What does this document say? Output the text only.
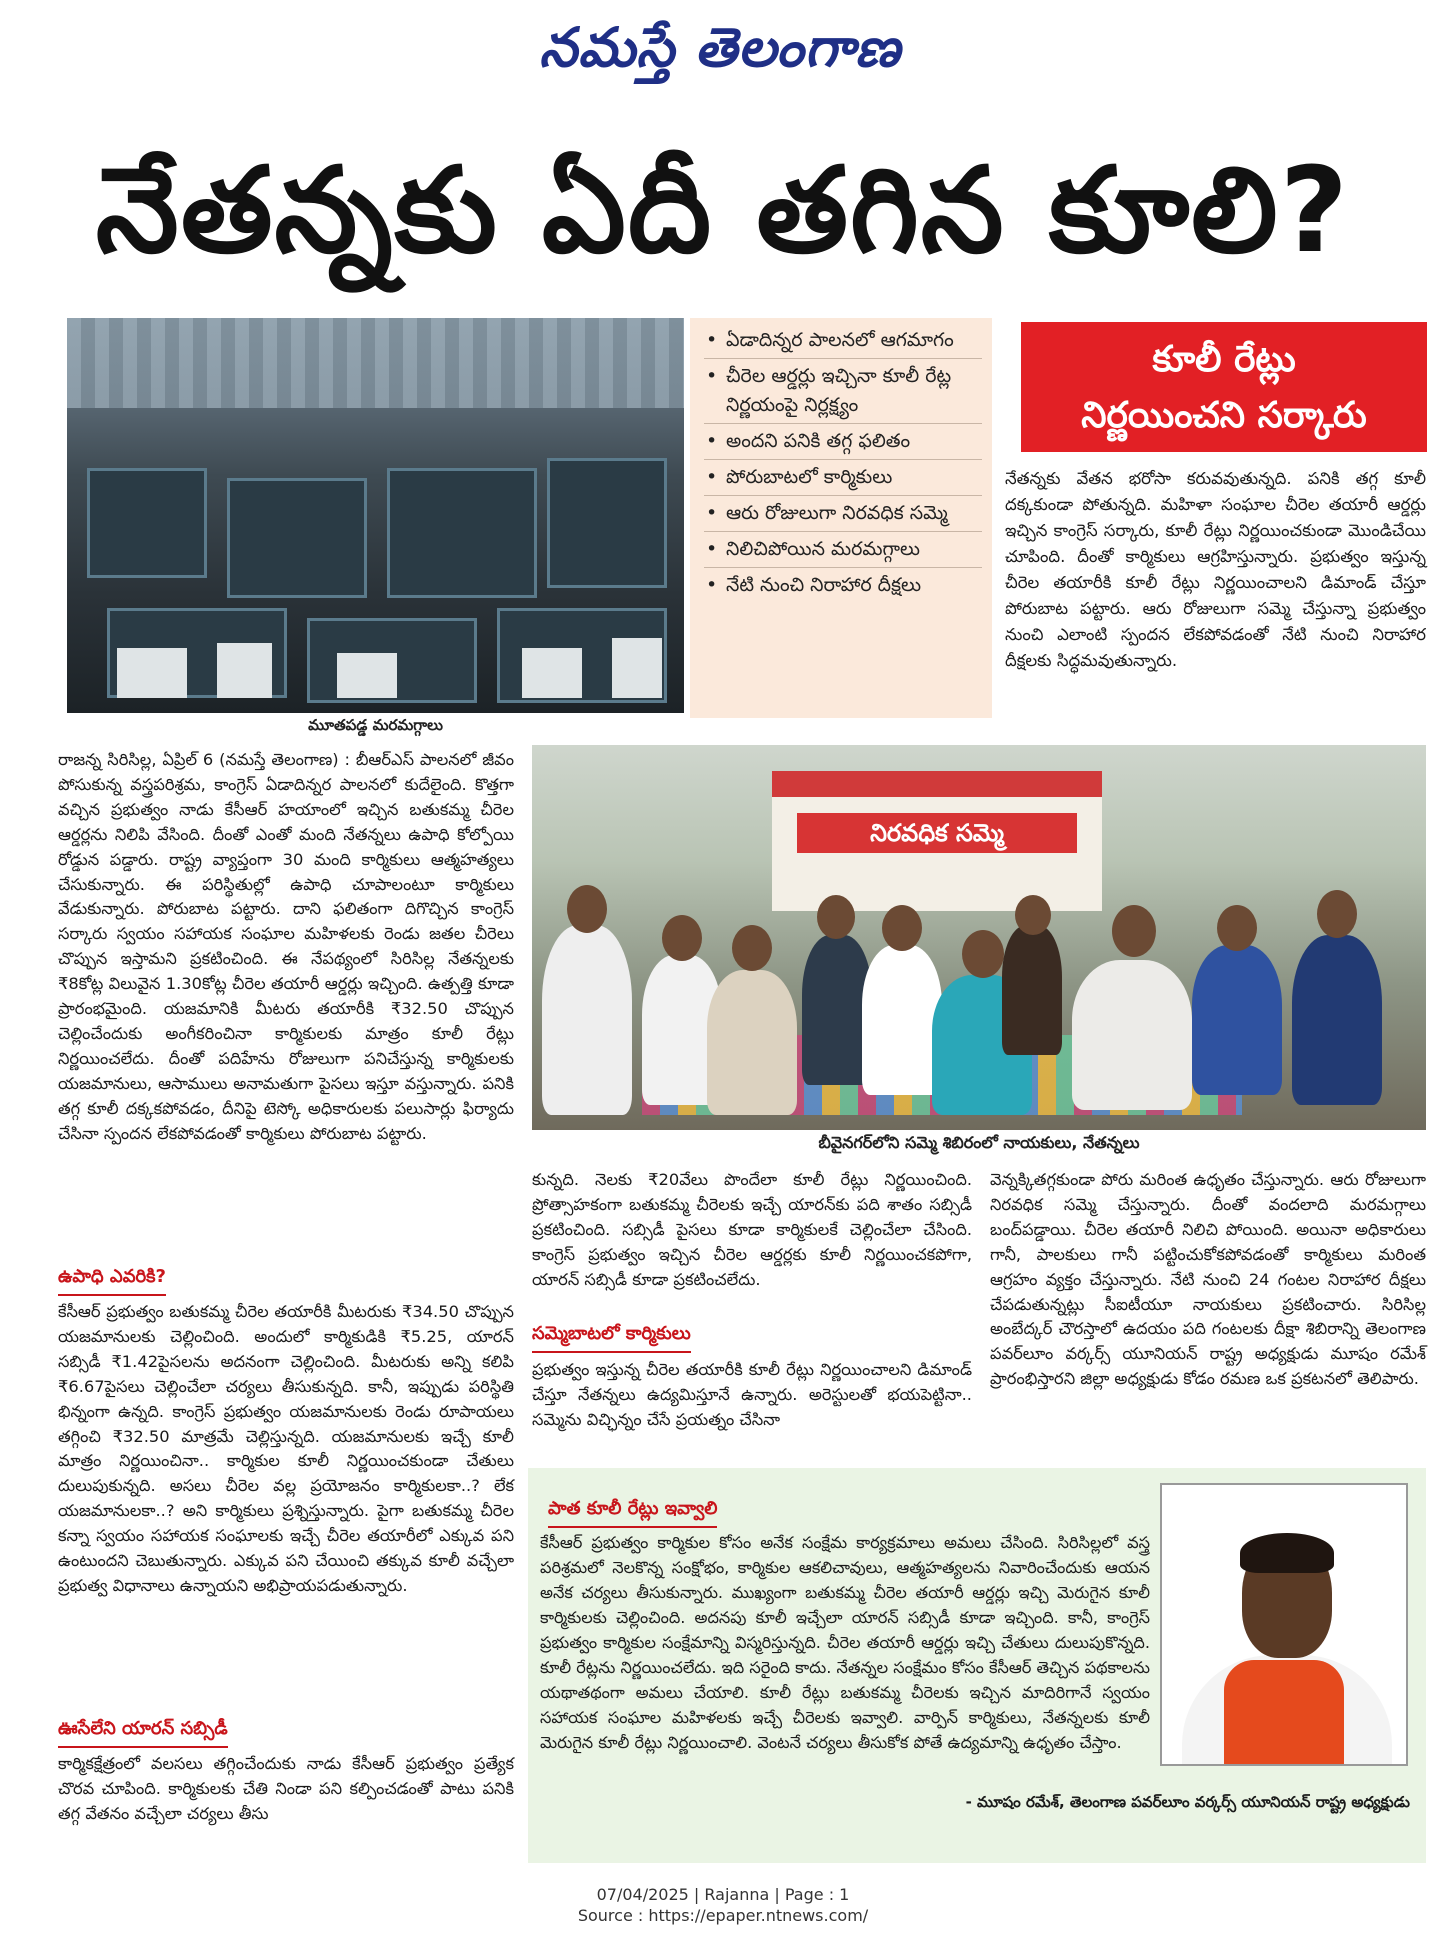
నమస్తే తెలంగాణ
నేతన్నకు ఏదీ తగిన కూలి?
మూతపడ్డ మరమగ్గాలు
• ఏడాదిన్నర పాలనలో ఆగమాగం
• చీరెల ఆర్డర్లు ఇచ్చినా కూలీ రేట్ల నిర్ణయంపై నిర్లక్ష్యం
• అందని పనికి తగ్గ ఫలితం
• పోరుబాటలో కార్మికులు
• ఆరు రోజులుగా నిరవధిక సమ్మె
• నిలిచిపోయిన మరమగ్గాలు
• నేటి నుంచి నిరాహార దీక్షలు
కూలీ రేట్లు
నిర్ణయించని సర్కారు
నేతన్నకు వేతన భరోసా కరువవుతున్నది. పనికి తగ్గ కూలీ దక్కకుండా పోతున్నది. మహిళా సంఘాల చీరెల తయారీ ఆర్డర్లు ఇచ్చిన కాంగ్రెస్ సర్కారు, కూలీ రేట్లు నిర్ణయించకుండా మొండిచేయి చూపింది. దీంతో కార్మికులు ఆగ్రహిస్తున్నారు. ప్రభుత్వం ఇస్తున్న చీరెల తయారీకి కూలీ రేట్లు నిర్ణయించాలని డిమాండ్ చేస్తూ పోరుబాట పట్టారు. ఆరు రోజులుగా సమ్మె చేస్తున్నా ప్రభుత్వం నుంచి ఎలాంటి స్పందన లేకపోవడంతో నేటి నుంచి నిరాహార దీక్షలకు సిద్ధమవుతున్నారు.
రాజన్న సిరిసిల్ల, ఏప్రిల్ 6 (నమస్తే తెలంగాణ) : బీఆర్ఎస్ పాలనలో జీవం పోసుకున్న వస్త్రపరిశ్రమ, కాంగ్రెస్ ఏడాదిన్నర పాలనలో కుదేలైంది. కొత్తగా వచ్చిన ప్రభుత్వం నాడు కేసీఆర్ హయాంలో ఇచ్చిన బతుకమ్మ చీరెల ఆర్డర్లను నిలిపి వేసింది. దీంతో ఎంతో మంది నేతన్నలు ఉపాధి కోల్పోయి రోడ్డున పడ్డారు. రాష్ట్ర వ్యాప్తంగా 30 మంది కార్మికులు ఆత్మహత్యలు చేసుకున్నారు. ఈ పరిస్థితుల్లో ఉపాధి చూపాలంటూ కార్మికులు వేడుకున్నారు. పోరుబాట పట్టారు. దాని ఫలితంగా దిగొచ్చిన కాంగ్రెస్ సర్కారు స్వయం సహాయక సంఘాల మహిళలకు రెండు జతల చీరెలు చొప్పున ఇస్తామని ప్రకటించింది. ఈ నేపథ్యంలో సిరిసిల్ల నేతన్నలకు ₹8కోట్ల విలువైన 1.30కోట్ల చీరెల తయారీ ఆర్డర్లు ఇచ్చింది. ఉత్పత్తి కూడా ప్రారంభమైంది. యజమానికి మీటరు తయారీకి ₹32.50 చొప్పున చెల్లించేందుకు అంగీకరించినా కార్మికులకు మాత్రం కూలీ రేట్లు నిర్ణయించలేదు. దీంతో పదిహేను రోజులుగా పనిచేస్తున్న కార్మికులకు యజమానులు, ఆసాములు అనామతుగా పైసలు ఇస్తూ వస్తున్నారు. పనికి తగ్గ కూలీ దక్కకపోవడం, దీనిపై టెస్కో అధికారులకు పలుసార్లు ఫిర్యాదు చేసినా స్పందన లేకపోవడంతో కార్మికులు పోరుబాట పట్టారు.
ఉపాధి ఎవరికి?
కేసీఆర్ ప్రభుత్వం బతుకమ్మ చీరెల తయారీకి మీటరుకు ₹34.50 చొప్పున యజమానులకు చెల్లించింది. అందులో కార్మికుడికి ₹5.25, యారన్ సబ్సిడీ ₹1.42పైసలను అదనంగా చెల్లించింది. మీటరుకు అన్ని కలిపి ₹6.67పైసలు చెల్లించేలా చర్యలు తీసుకున్నది. కానీ, ఇప్పుడు పరిస్థితి భిన్నంగా ఉన్నది. కాంగ్రెస్ ప్రభుత్వం యజమానులకు రెండు రూపాయలు తగ్గించి ₹32.50 మాత్రమే చెల్లిస్తున్నది. యజమానులకు ఇచ్చే కూలీ మాత్రం నిర్ణయించినా.. కార్మికుల కూలీ నిర్ణయించకుండా చేతులు దులుపుకున్నది. అసలు చీరెల వల్ల ప్రయోజనం కార్మికులకా..? లేక యజమానులకా..? అని కార్మికులు ప్రశ్నిస్తున్నారు. పైగా బతుకమ్మ చీరెల కన్నా స్వయం సహాయక సంఘాలకు ఇచ్చే చీరెల తయారీలో ఎక్కువ పని ఉంటుందని చెబుతున్నారు. ఎక్కువ పని చేయించి తక్కువ కూలీ వచ్చేలా ప్రభుత్వ విధానాలు ఉన్నాయని అభిప్రాయపడుతున్నారు.
ఊసేలేని యారన్ సబ్సిడీ
కార్మికక్షేత్రంలో వలసలు తగ్గించేందుకు నాడు కేసీఆర్ ప్రభుత్వం ప్రత్యేక చొరవ చూపింది. కార్మికులకు చేతి నిండా పని కల్పించడంతో పాటు పనికి తగ్గ వేతనం వచ్చేలా చర్యలు తీసు
నిరవధిక సమ్మె
బీవైనగర్‌లోని సమ్మె శిబిరంలో నాయకులు, నేతన్నలు
కున్నది. నెలకు ₹20వేలు పొందేలా కూలీ రేట్లు నిర్ణయించింది. ప్రోత్సాహకంగా బతుకమ్మ చీరెలకు ఇచ్చే యారన్‌కు పది శాతం సబ్సిడీ ప్రకటించింది. సబ్సిడీ పైసలు కూడా కార్మికులకే చెల్లించేలా చేసింది. కాంగ్రెస్ ప్రభుత్వం ఇచ్చిన చీరెల ఆర్డర్లకు కూలీ నిర్ణయించకపోగా, యారన్ సబ్సిడీ కూడా ప్రకటించలేదు.
సమ్మెబాటలో కార్మికులు
ప్రభుత్వం ఇస్తున్న చీరెల తయారీకి కూలీ రేట్లు నిర్ణయించాలని డిమాండ్ చేస్తూ నేతన్నలు ఉద్యమిస్తూనే ఉన్నారు. అరెస్టులతో భయపెట్టినా.. సమ్మెను విచ్ఛిన్నం చేసే ప్రయత్నం చేసినా
వెన్నక్కితగ్గకుండా పోరు మరింత ఉధృతం చేస్తున్నారు. ఆరు రోజులుగా నిరవధిక సమ్మె చేస్తున్నారు. దీంతో వందలాది మరమగ్గాలు బంద్‌పడ్డాయి. చీరెల తయారీ నిలిచి పోయింది. అయినా అధికారులు గానీ, పాలకులు గానీ పట్టించుకోకపోవడంతో కార్మికులు మరింత ఆగ్రహం వ్యక్తం చేస్తున్నారు. నేటి నుంచి 24 గంటల నిరాహార దీక్షలు చేపడుతున్నట్లు సీఐటీయూ నాయకులు ప్రకటించారు. సిరిసిల్ల అంబేద్కర్ చౌరస్తాలో ఉదయం పది గంటలకు దీక్షా శిబిరాన్ని తెలంగాణ పవర్‌లూం వర్కర్స్ యూనియన్ రాష్ట్ర అధ్యక్షుడు మూషం రమేశ్ ప్రారంభిస్తారని జిల్లా అధ్యక్షుడు కోడం రమణ ఒక ప్రకటనలో తెలిపారు.
పాత కూలీ రేట్లు ఇవ్వాలి
కేసీఆర్ ప్రభుత్వం కార్మికుల కోసం అనేక సంక్షేమ కార్యక్రమాలు అమలు చేసింది. సిరిసిల్లలో వస్త్ర పరిశ్రమలో నెలకొన్న సంక్షోభం, కార్మికుల ఆకలిచావులు, ఆత్మహత్యలను నివారించేందుకు ఆయన అనేక చర్యలు తీసుకున్నారు. ముఖ్యంగా బతుకమ్మ చీరెల తయారీ ఆర్డర్లు ఇచ్చి మెరుగైన కూలీ కార్మికులకు చెల్లించింది. అదనపు కూలీ ఇచ్చేలా యారన్ సబ్సిడీ కూడా ఇచ్చింది. కానీ, కాంగ్రెస్ ప్రభుత్వం కార్మికుల సంక్షేమాన్ని విస్మరిస్తున్నది. చీరెల తయారీ ఆర్డర్లు ఇచ్చి చేతులు దులుపుకొన్నది. కూలీ రేట్లను నిర్ణయించలేదు. ఇది సరైంది కాదు. నేతన్నల సంక్షేమం కోసం కేసీఆర్ తెచ్చిన పథకాలను యథాతథంగా అమలు చేయాలి. కూలీ రేట్లు బతుకమ్మ చీరెలకు ఇచ్చిన మాదిరిగానే స్వయం సహాయక సంఘాల మహిళలకు ఇచ్చే చీరెలకు ఇవ్వాలి. వార్పిన్ కార్మికులు, నేతన్నలకు కూలీ మెరుగైన కూలీ రేట్లు నిర్ణయించాలి. వెంటనే చర్యలు తీసుకోక పోతే ఉద్యమాన్ని ఉధృతం చేస్తాం.
- మూషం రమేశ్, తెలంగాణ పవర్‌లూం వర్కర్స్ యూనియన్ రాష్ట్ర అధ్యక్షుడు
07/04/2025 | Rajanna | Page : 1
Source : https://epaper.ntnews.com/
